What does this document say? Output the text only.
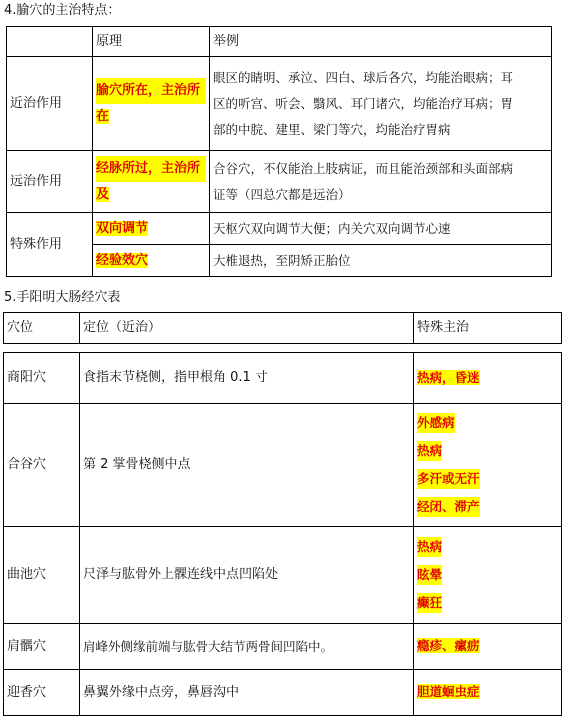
4.腧穴的主治特点：
	原理	举例
近治作用	腧穴所在，主治所
在	眼区的睛明、承泣、四白、球后各穴，均能治眼病；耳
区的听宫、听会、翳风、耳门诸穴，均能治疗耳病；胃
部的中脘、建里、梁门等穴，均能治疗胃病

远治作用	经脉所过，主治所
及	合谷穴，不仅能治上肢病证，而且能治颈部和头面部病
证等（四总穴都是远治）

特殊作用	双向调节	天枢穴双向调节大便；内关穴双向调节心速
	经验效穴	大椎退热，至阴矫正胎位
5.手阳明大肠经穴表
穴位	定位（近治）	特殊主治
商阳穴	食指末节桡侧，指甲根角 0.1 寸	热病，昏迷
合谷穴	第 2 掌骨桡侧中点	外感病
热病
多汗或无汗
经闭、滞产
曲池穴	尺泽与肱骨外上髁连线中点凹陷处	热病
眩晕
癫狂
肩髃穴	肩峰外侧缘前端与肱骨大结节两骨间凹陷中。	瘾疹、瘰疬
迎香穴	鼻翼外缘中点旁，鼻唇沟中	胆道蛔虫症
